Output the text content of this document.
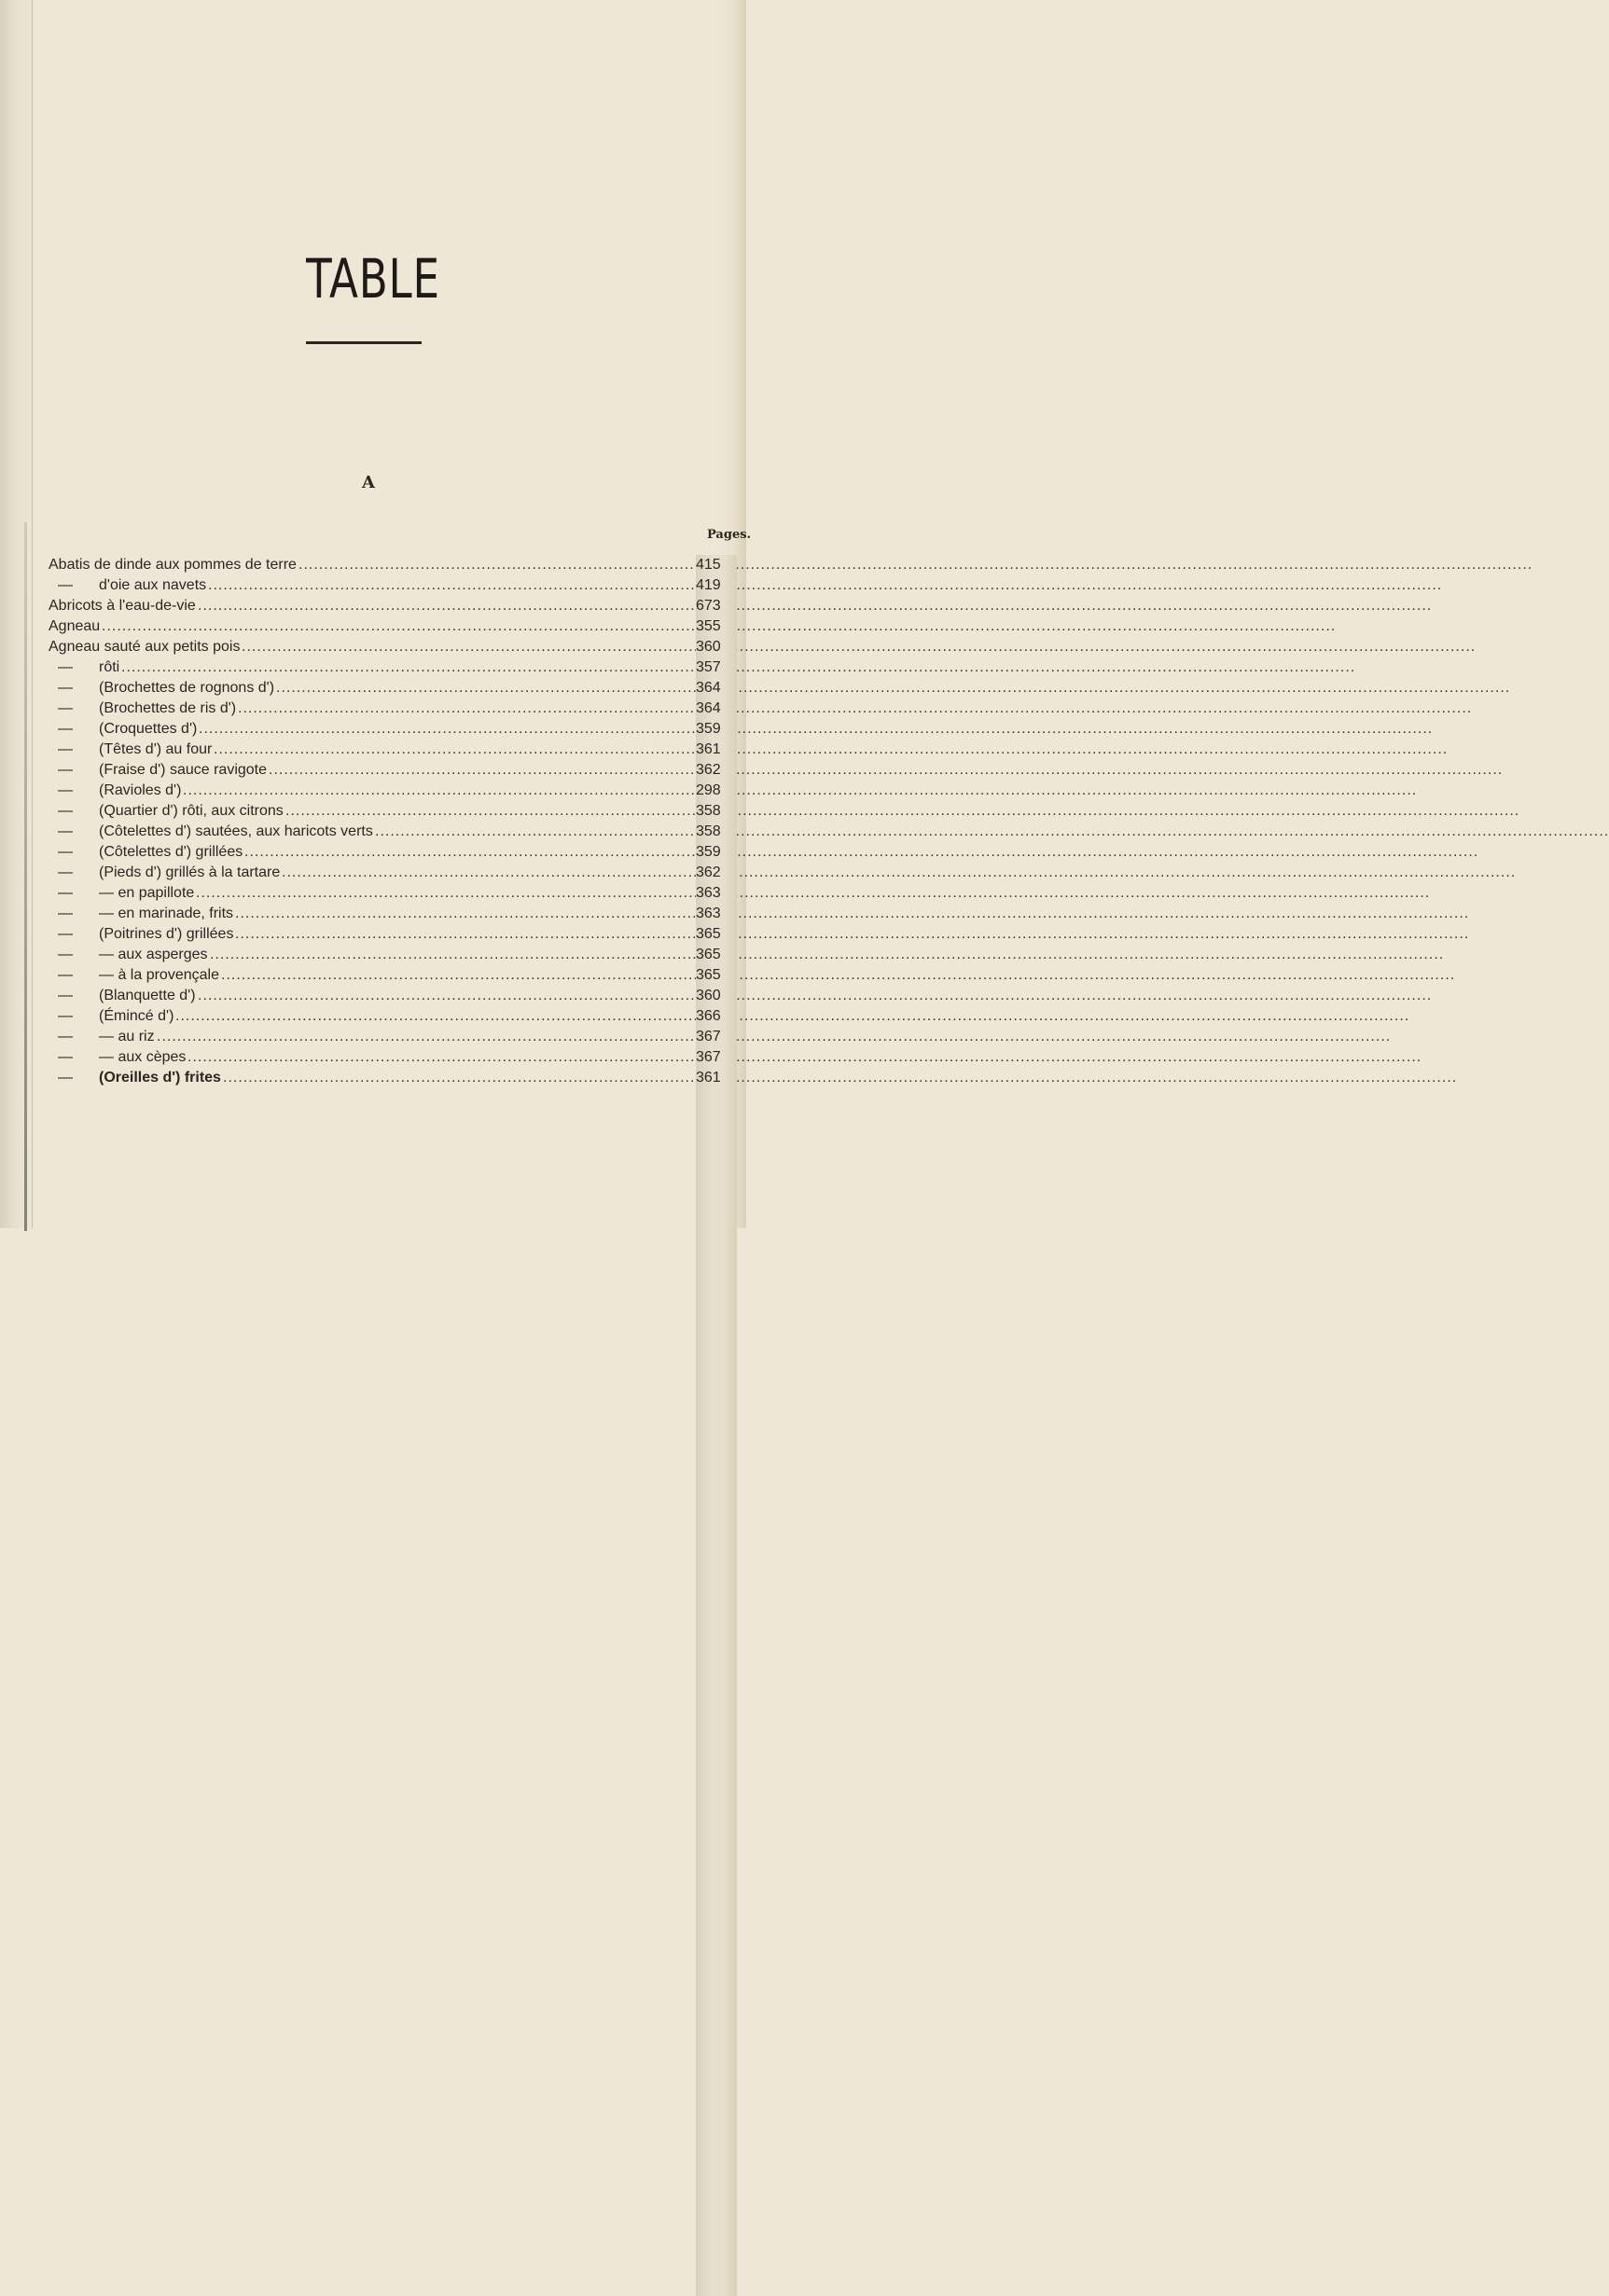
TABLE
A
Pages.
Abatis de dinde aux pommes de terre .....	415
— d'oie aux navets .....	419
Abricots à l'eau-de-vie .....	673
Agneau .....	355
Agneau sauté aux petits pois .....	360
— rôti .....	357
— (Brochettes de rognons d') .....	364
— (Brochettes de ris d') .....	364
— (Croquettes d') .....	359
— (Têtes d') au four .....	361
— (Fraise d') sauce ravigote .....	362
— (Ravioles d') .....	298
— (Quartier d') rôti, aux citrons .....	358
— (Côtelettes d') sautées, aux haricots verts .....	358
— (Côtelettes d') grillées .....	359
— (Pieds d') grillés à la tartare .....	362
— — en papillote .....	363
— — en marinade, frits .....	363
— (Poitrines d') grillées .....	365
— — aux asperges .....	365
— — à la provençale .....	365
— (Blanquette d') .....	360
— (Émincé d') .....	366
— — au riz .....	367
— — aux cèpes .....	367
— (Oreilles d') frites .....	361
